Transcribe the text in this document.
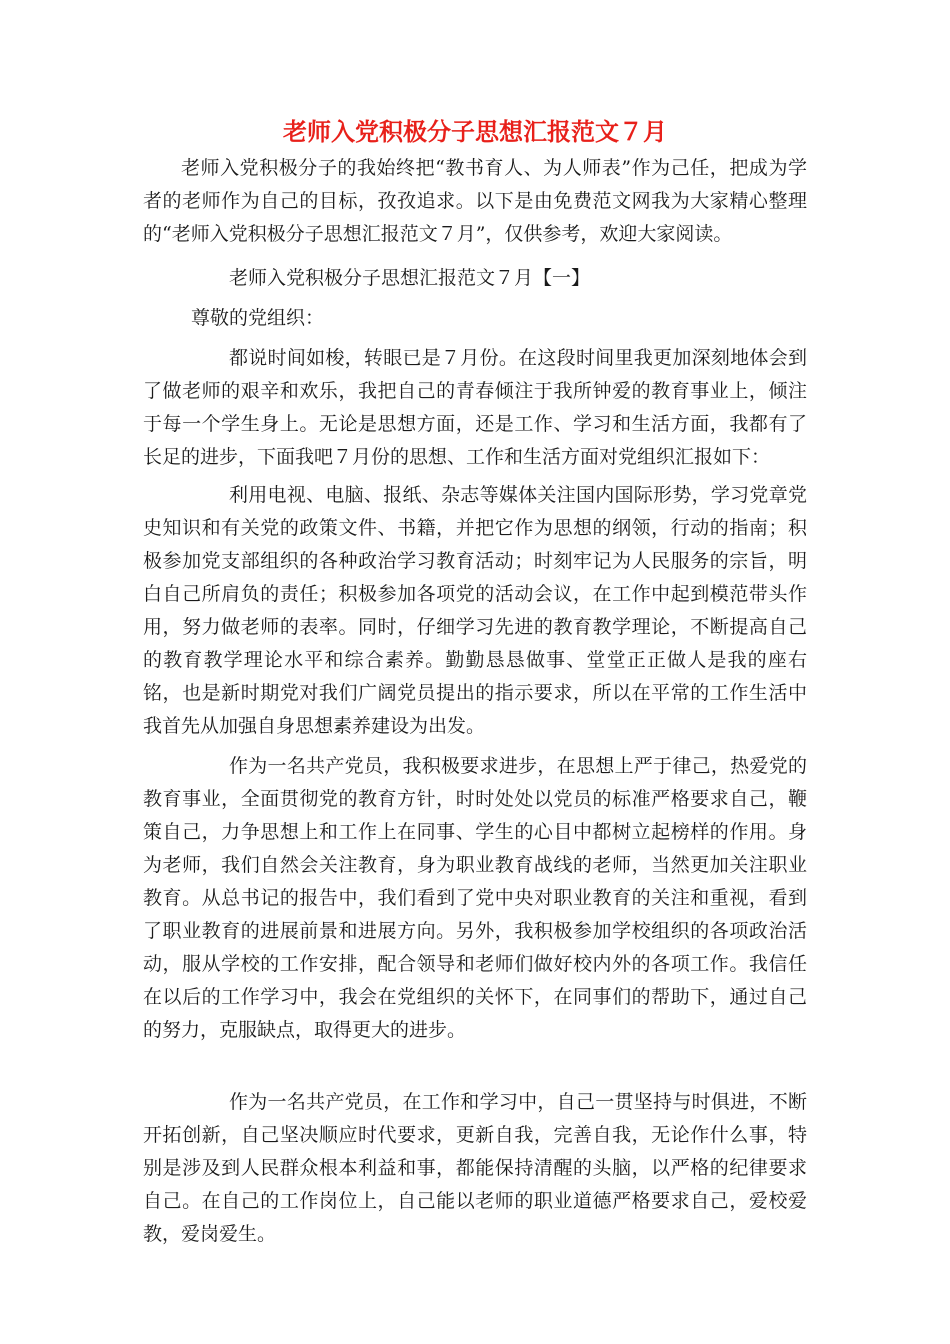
老师入党积极分子思想汇报范文７月

老师入党积极分子的我始终把“教书育人、为人师表”作为己任，把成为学者的老师作为自己的目标，孜孜追求。以下是由免费范文网我为大家精心整理的“老师入党积极分子思想汇报范文７月”，仅供参考，欢迎大家阅读。

老师入党积极分子思想汇报范文７月【一】

尊敬的党组织：

都说时间如梭，转眼已是７月份。在这段时间里我更加深刻地体会到了做老师的艰辛和欢乐，我把自己的青春倾注于我所钟爱的教育事业上，倾注于每一个学生身上。无论是思想方面，还是工作、学习和生活方面，我都有了长足的进步，下面我吧７月份的思想、工作和生活方面对党组织汇报如下：

利用电视、电脑、报纸、杂志等媒体关注国内国际形势，学习党章党史知识和有关党的政策文件、书籍，并把它作为思想的纲领，行动的指南；积极参加党支部组织的各种政治学习教育活动；时刻牢记为人民服务的宗旨，明白自己所肩负的责任；积极参加各项党的活动会议，在工作中起到模范带头作用，努力做老师的表率。同时，仔细学习先进的教育教学理论，不断提高自己的教育教学理论水平和综合素养。勤勤恳恳做事、堂堂正正做人是我的座右铭，也是新时期党对我们广阔党员提出的指示要求，所以在平常的工作生活中我首先从加强自身思想素养建设为出发。

作为一名共产党员，我积极要求进步，在思想上严于律己，热爱党的教育事业，全面贯彻党的教育方针，时时处处以党员的标准严格要求自己，鞭策自己，力争思想上和工作上在同事、学生的心目中都树立起榜样的作用。身为老师，我们自然会关注教育，身为职业教育战线的老师，当然更加关注职业教育。从总书记的报告中，我们看到了党中央对职业教育的关注和重视，看到了职业教育的进展前景和进展方向。另外，我积极参加学校组织的各项政治活动，服从学校的工作安排，配合领导和老师们做好校内外的各项工作。我信任在以后的工作学习中，我会在党组织的关怀下，在同事们的帮助下，通过自己的努力，克服缺点，取得更大的进步。

作为一名共产党员，在工作和学习中，自己一贯坚持与时俱进，不断开拓创新，自己坚决顺应时代要求，更新自我，完善自我，无论作什么事，特别是涉及到人民群众根本利益和事，都能保持清醒的头脑，以严格的纪律要求自己。在自己的工作岗位上，自己能以老师的职业道德严格要求自己，爱校爱教，爱岗爱生。
